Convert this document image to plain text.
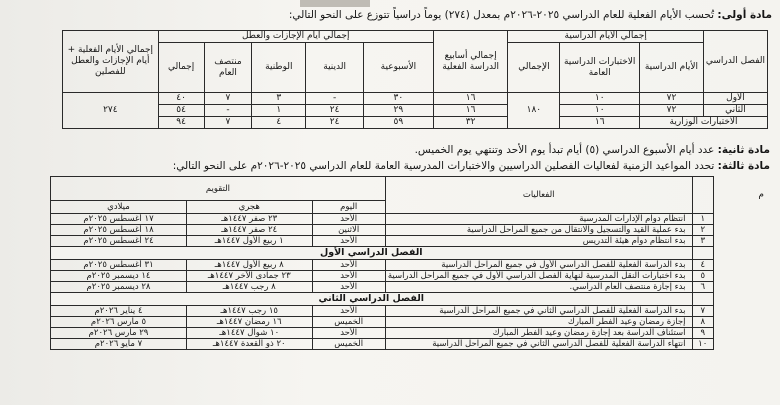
مادة أولى: تُحسب الأيام الفعلية للعام الدراسي ٢٠٢٥-٢٠٢٦م بمعدل (٢٧٤) يوماً دراسياً تتوزع على النحو التالي:
الفصل الدراسي	إجمالي الأيام الدراسية			إجمالي أسابيع الدراسة الفعلية	إجمالي أيام الإجازات والعطل					إجمالي الأيام الفعلية + أيام الإجازات والعطل للفصلين
	الأيام الدراسية	الاختبارات الدراسية العامة	الإجمالي		الأسبوعية	الدينية	الوطنية	منتصف العام	إجمالي	
الأول	٧٢	١٠	١٨٠	١٦	٣٠	-	٣	٧	٤٠	٢٧٤
الثاني	٧٢	١٠		١٦	٢٩	٢٤	١	-	٥٤	
الاختبارات الوزارية		١٦		٣٢	٥٩	٢٤	٤	٧	٩٤	
مادة ثانية: عدد أيام الأسبوع الدراسي (٥) أيام تبدأ يوم الأحد وتنتهي يوم الخميس.
مادة ثالثة: تحدد المواعيد الزمنية لفعاليات الفصلين الدراسيين والاختبارات المدرسية العامة للعام الدراسي ٢٠٢٥-٢٠٢٦م على النحو التالي:
م
	الفعاليات	التقويم		
		اليوم	هجري	ميلادي
١	انتظام دوام الإدارات المدرسية	الأحد	٢٣ صفر ١٤٤٧هـ	١٧ أغسطس ٢٠٢٥م
٢	بدء عملية القيد والتسجيل والانتقال من جميع المراحل الدراسية	الاثنين	٢٤ صفر ١٤٤٧هـ	١٨ أغسطس ٢٠٢٥م
٣	بدء انتظام دوام هيئة التدريس	الأحد	١ ربيع الأول ١٤٤٧هـ	٢٤ أغسطس ٢٠٢٥م
	الفصل الدراسي الأول			
٤	بدء الدراسة الفعلية للفصل الدراسي الأول في جميع المراحل الدراسية	الأحد	٨ ربيع الأول ١٤٤٧هـ	٣١ أغسطس ٢٠٢٥م
٥	بدء اختبارات النقل المدرسية لنهاية الفصل الدراسي الأول في جميع المراحل الدراسية	الأحد	٢٣ جمادى الآخر ١٤٤٧هـ	١٤ ديسمبر ٢٠٢٥م
٦	بدء إجازة منتصف العام الدراسي.	الأحد	٨ رجب ١٤٤٧هـ	٢٨ ديسمبر ٢٠٢٥م
	الفصل الدراسي الثاني			
٧	بدء الدراسة الفعلية للفصل الدراسي الثاني في جميع المراحل الدراسية	الأحد	١٥ رجب ١٤٤٧هـ	٤ يناير ٢٠٢٦م
٨	إجازة رمضان وعيد الفطر المبارك	الخميس	١٦ رمضان ١٤٤٧هـ	٥ مارس ٢٠٢٦م
٩	استئناف الدراسة بعد إجازة رمضان وعيد الفطر المبارك	الأحد	١٠ شوال ١٤٤٧هـ	٢٩ مارس ٢٠٢٦م
١٠	انتهاء الدراسة الفعلية للفصل الدراسي الثاني في جميع المراحل الدراسية	الخميس	٢٠ ذو القعدة ١٤٤٧هـ	٧ مايو ٢٠٢٦م
